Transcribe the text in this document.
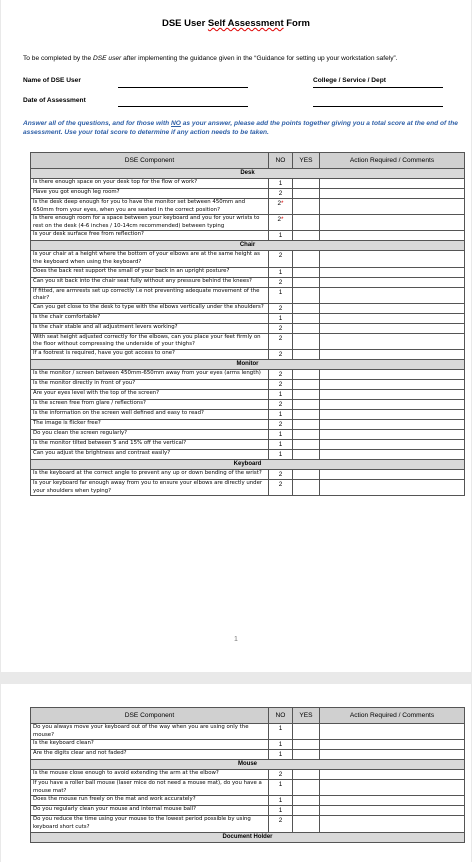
DSE User Self Assessment Form
To be completed by the DSE user after implementing the guidance given in the “Guidance for setting up your workstation safely”.
Name of DSE User	College / Service / Dept
Date of Assessment
Answer all of the questions, and for those with NO as your answer, please add the points together giving you a total score at the end of the assessment. Use your total score to determine if any action needs to be taken.
DSE Component	NO	YES	Action Required / Comments
Desk			
Is there enough space on your desk top for the flow of work?	1		
Have you got enough leg room?	2		
Is the desk deep enough for you to have the monitor set between 450mm and 650mm from your eyes, when you are seated in the correct position?	2*		
Is there enough room for a space between your keyboard and you for your wrists to rest on the desk (4-6 inches / 10-14cm recommended) between typing	2*		
Is your desk surface free from reflection?	1		
Chair			
Is your chair at a height where the bottom of your elbows are at the same height as the keyboard when using the keyboard?	2		
Does the back rest support the small of your back in an upright posture?	1		
Can you sit back into the chair seat fully without any pressure behind the knees?	2		
If fitted, are armrests set up correctly i.e not preventing adequate movement of the chair?	1		
Can you get close to the desk to type with the elbows vertically under the shoulders?	2		
Is the chair comfortable?	1		
Is the chair stable and all adjustment levers working?	2		
With seat height adjusted correctly for the elbows, can you place your feet firmly on the floor without compressing the underside of your thighs?	2		
If a footrest is required, have you got access to one?	2		
Monitor			
Is the monitor / screen between 450mm-650mm away from your eyes (arms length)	2		
Is the monitor directly in front of you?	2		
Are your eyes level with the top of the screen?	1		
Is the screen free from glare / reflections?	2		
Is the information on the screen well defined and easy to read?	1		
The image is flicker free?	2		
Do you clean the screen regularly?	1		
Is the monitor tilted between 5 and 15% off the vertical?	1		
Can you adjust the brightness and contrast easily?	1		
Keyboard			
Is the keyboard at the correct angle to prevent any up or down bending of the wrist?	2		
Is your keyboard far enough away from you to ensure your elbows are directly under your shoulders when typing?	2		
1
DSE Component	NO	YES	Action Required / Comments
Do you always move your keyboard out of the way when you are using only the mouse?	1		
Is the keyboard clean?	1		
Are the digits clear and not faded?	1		
Mouse			
Is the mouse close enough to avoid extending the arm at the elbow?	2		
If you have a roller ball mouse (laser mice do not need a mouse mat), do you have a mouse mat?	1		
Does the mouse run freely on the mat and work accurately?	1		
Do you regularly clean your mouse and internal mouse ball?	1		
Do you reduce the time using your mouse to the lowest period possible by using keyboard short cuts?	2		
Document Holder			
